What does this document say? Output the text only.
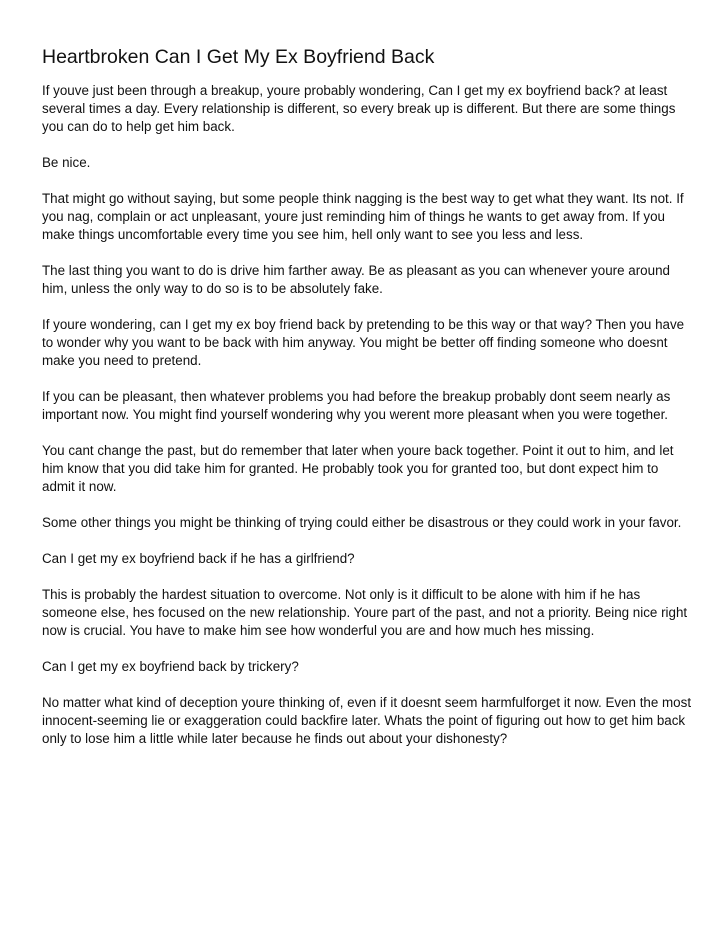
Heartbroken Can I Get My Ex Boyfriend Back

If youve just been through a breakup, youre probably wondering, Can I get my ex boyfriend back? at least several times a day. Every relationship is different, so every break up is different. But there are some things you can do to help get him back.

Be nice.

That might go without saying, but some people think nagging is the best way to get what they want. Its not. If you nag, complain or act unpleasant, youre just reminding him of things he wants to get away from. If you make things uncomfortable every time you see him, hell only want to see you less and less.

The last thing you want to do is drive him farther away. Be as pleasant as you can whenever youre around him, unless the only way to do so is to be absolutely fake.

If youre wondering, can I get my ex boy friend back by pretending to be this way or that way? Then you have to wonder why you want to be back with him anyway. You might be better off finding someone who doesnt make you need to pretend.

If you can be pleasant, then whatever problems you had before the breakup probably dont seem nearly as important now. You might find yourself wondering why you werent more pleasant when you were together.

You cant change the past, but do remember that later when youre back together. Point it out to him, and let him know that you did take him for granted. He probably took you for granted too, but dont expect him to admit it now.

Some other things you might be thinking of trying could either be disastrous or they could work in your favor.

Can I get my ex boyfriend back if he has a girlfriend?

This is probably the hardest situation to overcome. Not only is it difficult to be alone with him if he has someone else, hes focused on the new relationship. Youre part of the past, and not a priority. Being nice right now is crucial. You have to make him see how wonderful you are and how much hes missing.

Can I get my ex boyfriend back by trickery?

No matter what kind of deception youre thinking of, even if it doesnt seem harmfulforget it now. Even the most innocent-seeming lie or exaggeration could backfire later. Whats the point of figuring out how to get him back only to lose him a little while later because he finds out about your dishonesty?
